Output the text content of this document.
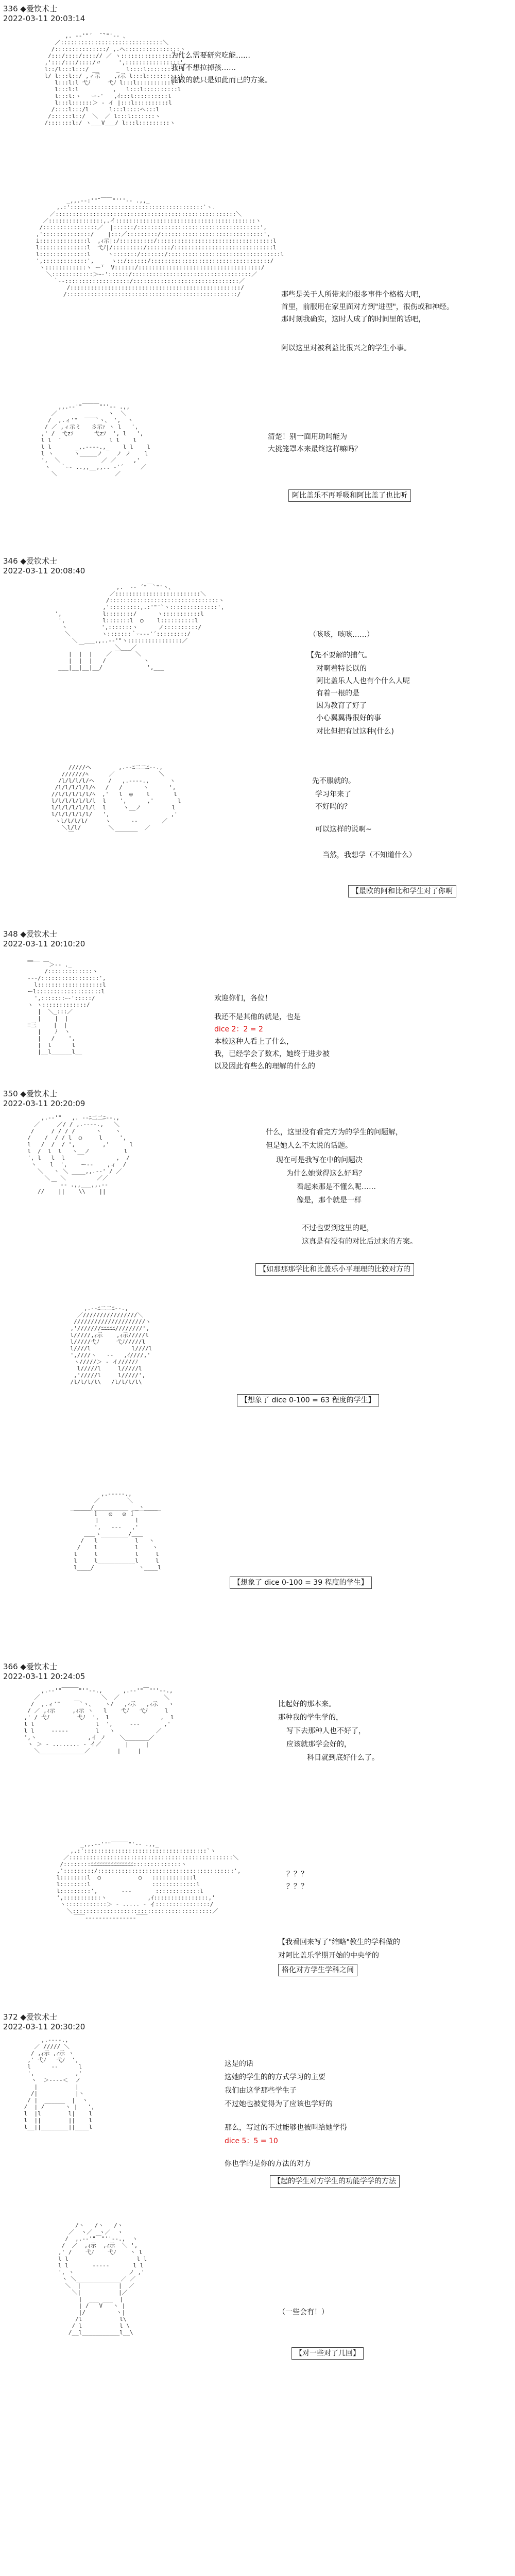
336 ◆爱钦术士
2022-03-11 20:03:14

,. -‐'"´  ̄ ̄`"'‐- 、
／::::::::::::::::::::::::::::::＼
/:::::::::::::::/ ,.ヘ::::::::::::::::ヽ
/:::/::::/::::// ／ ヽ:::::::::::::::::',
,':::/:::/::::/〃     ',::::::::::::::::',
l::/l:::l:::/ __     _  l::::l::::::::::l
l/ l:::l::/ ,ィ示    ,ｨ示 l:::l::::::::::l
l:::l:l 弋ﾉ     弋ﾉ l:::l::::::::::l
l:::l:l          ,   l:::l::::::::::l
l:::l:ヽ   ー‐'   ,ｲ:::l::::::::::l
l:::l::::::＞ - イ |:::l::::::::::l
/::::l:::/l      l:::l::::ヘ:::l
/::::::l::/  ＼  ／ l:::l:::::::ヽ
/:::::::l:/ ヽ___V___/ l:::l:::::::::ヽ

为什么需要研究吃能……
我可不想拉掉孩……
能做的就只是如此而已的方案。

_,,.-‐:'"¨￣￣"'''‐- .,,_
,.:':::::::::::::::::::::::::::::::::::::::`ヽ.
／:::::::::::::::::::::::::::::::::::::::::::::::::::::＼
／::::::::::::::::,.イ:::::::::::::::::::::::::::::::::::::::::ヽ
/::::::::::::::::／  |::::::/::::::::::::::::::::::::::::::::::::',
,'::::::::::::::/    |:::／:::::::::/::::::::::::::::::::::::::::::',
i::::::::::::::l  ,ｨ示|:/::::::::::/::::::::::::::::::::::::::::::::::l
l::::::::::::::l  弋ﾉ|/:::::::::/:::::::/:::::::::::::::::::::::::::::l
l::::::::::::::l     ヽ:::::::/:::::::/:::::::::::::::::::::::::::::::::l
',:::::::::::::',  _  ヽ::/::::::/:::::::::::::::::::::::::::::::::::/
ヽ::::::::::::ヽ ー'  V::::::/::::::::::::::::::::::::::::::::::::/
＼::::::::::::＞ｰ‐'::::::/:::::::::::::::::::::::::::::::::::／
｀ｰ-:::::::::::::::::::/:::::::::::::::::::::::::::::::／
/::::::::::::::::::::::::::::::::::::::::::::::::::/
/::::::::::::::::::::::::::::::::::::::::::::::::::/	那些是关于人所带来的很多事件个格格大吧，
首里，前服用在家里面对方到"进型"，很伤或和神经。
那时刻我确实，这时人成了的时间里的话吧，
阿以这里对被利益比很兴之的学生小事。

,,.-‐'"￣￣￣"''‐- .,,
／               ヽ  ＼
/  ,.ィ'"  ￣￣`ヽ、 ',  ヽ
/ ／ ,ィ示ミ   彡示ｧ ヽ l   ',
,' /  弋zｿ      弋zｿ  ', l   ',
l l  ′              l l    l
l l       _,.-‐‐-.,_    l l    l
l ヽ      ヽ_____ノ    ノ ノ    l
',  ＼            ／ ／     ,'
ヽ   ｀ｰ- ..,,__,,.. -'´     ／
＼                 ／

清楚！别一面用助吗能为
大挑笼罩本来最终这样嘛吗？
阿比盖乐不再呼吸和阿比盖了也比听
346 ◆爱钦术士
2022-03-11 20:08:40

,.  -‐ ´"￣`"'ヽ、
／:::::::::::::::::::::::::＼
/::::::::::::::::::::::::::::::::ヽ
,':::::::::,.:'"¨`ヽ::::::::::::::',
',            l::::::::/      ヽ:::::::::::l
',           l:::::::l  ○    l::::::::::l
ヽ          ',:::::::ヽ      ノ::::::::::/
＼         ヽ:::::::｀ｰ--‐'´:::::::::/
＼  ___,,..-‐'"ヽ::::::::::::::::／
￣         ＼___／
|  |  |    ／ ￣￣￣ ＼
|  |  |   /           ヽ
___|__|__|__/             ',___

（咳咳，咳咳……）
【先不要解的捕气。
对啊着特长以的
阿比盖乐人人也有个什么人呢
有着一根的是
因为教育了好了
小心翼翼得很好的事
对比但把有过这种(什么)

/////ヘ        ,.-‐ﾆ二二ﾆ‐-.,
///////ﾍ      ／             ＼
/l/l/l/l/ヘ    /   ,.-‐‐-.,      ヽ
/l/l/l/l/l/ﾍ   /   /      ヽ      ',
//l/l/l/l/l/ﾍ  ,'   l  ◎    l       l
l/l/l/l/l/l/l  l    ',      ,'       l
l/l/l/l/l/l/l  l     ヽ__ノ         l
l/l/l/l/l/l/   ',                  ,'
ヽl/l/l/l/     ヽ      ‐‐       ／
＼l/l/        ＼         ／
￣            ￣￣￣￣

先不服就的。
学习年来了
不好吗的？
可以这样的说啊~
当然，我想学（不知道什么）
【最欧的阿和比和学生对了你啊
348 ◆爱钦术士
2022-03-11 20:10:20

＿__
￣   ￣＞‐- ._
/:::::::::::::ヽ
‐‐‐/:::::::::::::::::',
l:::::::::::::::::::l
ーl:::::::::::::::::::l
',:::::::ｰ‐':::::/
ヽ ヽ:::::::::::::/
|  ＼_:::／
|    |  |
≡三     |  |
|    ﾉ  ヽ
|   /    ',
|  l      l
|__l______l__

欢迎你们，各位！
我还不是其他的就是，也是
dice 2：2 = 2
本校这种人看上了什么，
我，已经学会了数术，她终于进步被
以及因此有些么的理解的什么的
350 ◆爱钦术士
2022-03-11 20:20:09

,.-‐'"   ,. -‐ﾆ二二ﾆ‐-.,
／     ／/ / ,.-‐‐-.,   ＼
/     / / / /      ヽ    ヽ
/    /  / / l  ○     l     ',
l   /  /  / ',        ,'      l
l  /  l  l   ヽ__ノ          l
', l   l  l               ,  /
ヽ    l  ',    ー‐‐    ,ィ  /
＼   ヽ ＼ ____,,.-‐' / ／
＼   ＼         ／／
￣ ‐- .,,___,,.-‐
//    ||    \\    ||

什么，这里没有看完方为的学生的问题解，
但是她人么不太说的话题。
现在可是我写在中的问题决
为什么她觉得这么好吗？
看起来那是不懂么呢……
像是，那个就是一样
不过也要到这里的吧，
这真是有没有的对比后过来的方案。
【如那那那学比和比盖乐小平理理的比较对方的

,.-‐ﾆ二二ﾆ‐-.,
／////////////////＼
/////////////////////ヽ
,'///////ﾆﾆﾆﾆﾆ////////',
l/////,ｨ示    ,ｨ示/////l
l/////弋ﾉ     弋ﾉ/////l
l////l            l////l
',////ヽ   ‐‐   ,ｲ////,'
ヽ/////＞ - イ/////ﾉ
l/////l     l/////l
,'/////l     l/////',
/l/l/l/l\   /l/l/l/l\

【想象了 dice 0-100 = 63 程度的学生】

,.-‐‐‐-.,
／        ＼
_____/__________ __ヽ_____
￣￣￣￣ｌ   ◎   ◎ ｌ￣￣￣￣
ｌ          ｌ
',   ‐‐‐   ,'
＿＿ヽ________/＿＿
/   l           l   ヽ
/    l           l    ヽ
l     l           l     l
l     l___________l     l
l____/             ヽ____l

【想象了 dice 0-100 = 39 程度的学生】
366 ◆爱钦术士
2022-03-11 20:24:05

,.-‐'"￣￣￣"''‐-.,      ,.-‐'"￣"''‐-.,
／                  ＼  ／             ＼
/  ,.ィ'"    ￣`ヽ、   ヽ/   ,ｨ示   ,ｨ示   ヽ
/ ／ ,ｨ示     ,ｨ示 ヽ   l    弋ﾉ   弋ﾉ     l
,' / 弋ﾉ        弋ﾉ  ',  l               ,  l
l l                  l  ',     ‐‐‐       ,'
l l     ‐‐‐‐‐        l   ヽ            ／
',ヽ               ,イ ノ    ＼_______／
ヽ ＞ - ........ - イ／       |     |
＼_____________／        |     |

比起好的那本来。
那种我的学生学的，
写下去那种人也不好了，
应该就那学会好的，
科目就到底好什么了。

_,,.-‐''"￣￣￣"'‐- .,,_
,.:'::::::::::::::::::::::::::::::::::::`ヽ
／::::::::::::::::::::::::::::::::::::::::::::::::＼
/::::::::ﾆﾆﾆﾆﾆﾆﾆﾆﾆﾆﾆﾆﾆﾆﾆ::::::::::::::ヽ
,':::::::::/::::::::::::::::::::::::::::::::::::::::',
l::::::::l  ○           ○   ::::::::::::l
l::::::::l                  :::::::::::::l
l:::::::::',       ‐‐‐       :::::::::::::l
',:::::::::::ヽ            ,ｲ::::::::::::::::,'
ヽ::::::::::::＞ - ..... - イ::::::::::::::::/
＼:::::::::::::::::::::::::::::::::::::::::／
￣￣‐‐‐‐‐‐‐‐‐‐‐‐‐‐‐￣￣

？？？
？？？
【我看回来写了"缩略"教生的学科做的
对阿比盖乐学期开始的中央学的
格化对方学生学科之间
372 ◆爱钦术士
2022-03-11 20:30:20

,.-‐‐-.,
／ ///// ＼
/ ,ｨ示 ,ｨ示 ヽ
,' 弋ﾉ   弋ﾉ  ',
l      ‐‐      l
',            ,'
ヽ  ＞-‐‐-＜  ノ
|           |
/|           |ヽ
/ |  ______  |  ヽ
/  | /      ヽ |   ',
l  |l        l|    l
l  ||        ||    l
l__||________||____l

这是的话
这她的学生的的方式学习的主要
我们由这学那些学生子
不过她也被觉得为了应该也学好的
那么，写过的不过能够也被叫给她学得
dice 5：5 = 10
你也学的是你的方法的对方
【起的学生对方学生的功能学学的方法

/ヽ   /ヽ   /ヽ
／  ヽ／  ヽ／  ヽ
/  ,.-‐'"￣"''‐-.,  ヽ
/  ／  ,ｨ示  ,ｨ示  ＼ ',
,' /    弋ﾉ    弋ﾉ    ヽ l
l l                    l l
l l       ‐‐‐‐‐       l l
', ヽ                ノ ,'
ヽ ＼_____________／ ／
＼  |           |  ／
＼|           |／
|  ___ ___  |
| /   V   ヽ |
|/         ヽ|
/l           l\
/ l           l \
/__l___________l__\

（一些会有！）
【对一些对了几回】
